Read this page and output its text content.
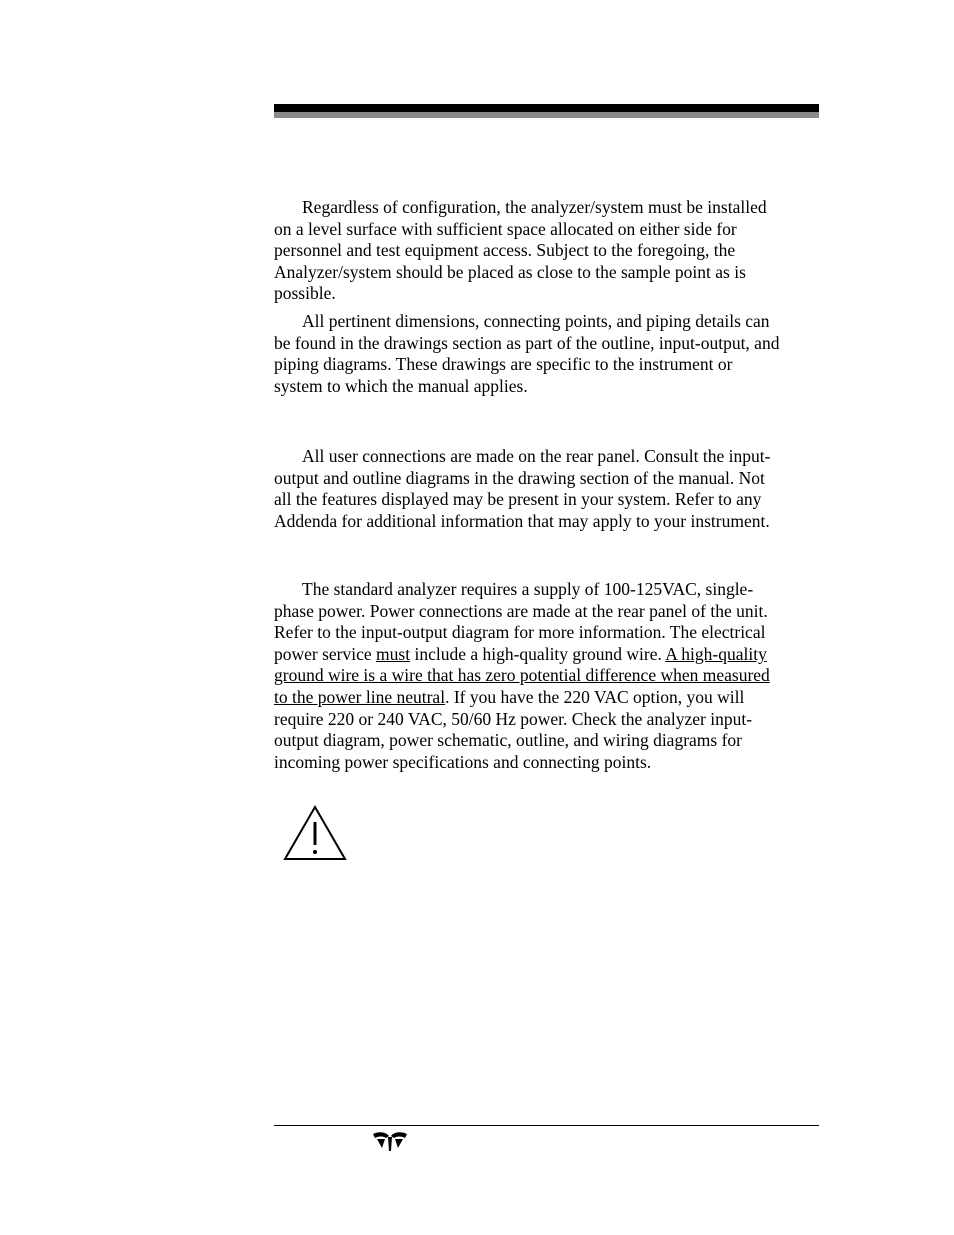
Regardless of configuration, the analyzer/system must be installed
on a level surface with sufficient space allocated on either side for
personnel and test equipment access. Subject to the foregoing, the
Analyzer/system should be placed as close to the sample point as is
possible.

All pertinent dimensions, connecting points, and piping details can
be found in the drawings section as part of the outline, input-output, and
piping diagrams. These drawings are specific to the instrument or
system to which the manual applies.

All user connections are made on the rear panel. Consult the input-
output and outline diagrams in the drawing section of the manual. Not
all the features displayed may be present in your system. Refer to any
Addenda for additional information that may apply to your instrument.

The standard analyzer requires a supply of 100-125VAC, single-
phase power. Power connections are made at the rear panel of the unit.
Refer to the input-output diagram for more information. The electrical
power service must include a high-quality ground wire. A high-quality
ground wire is a wire that has zero potential difference when measured
to the power line neutral. If you have the 220 VAC option, you will
require 220 or 240 VAC, 50/60 Hz power. Check the analyzer input-
output diagram, power schematic, outline, and wiring diagrams for
incoming power specifications and connecting points.
